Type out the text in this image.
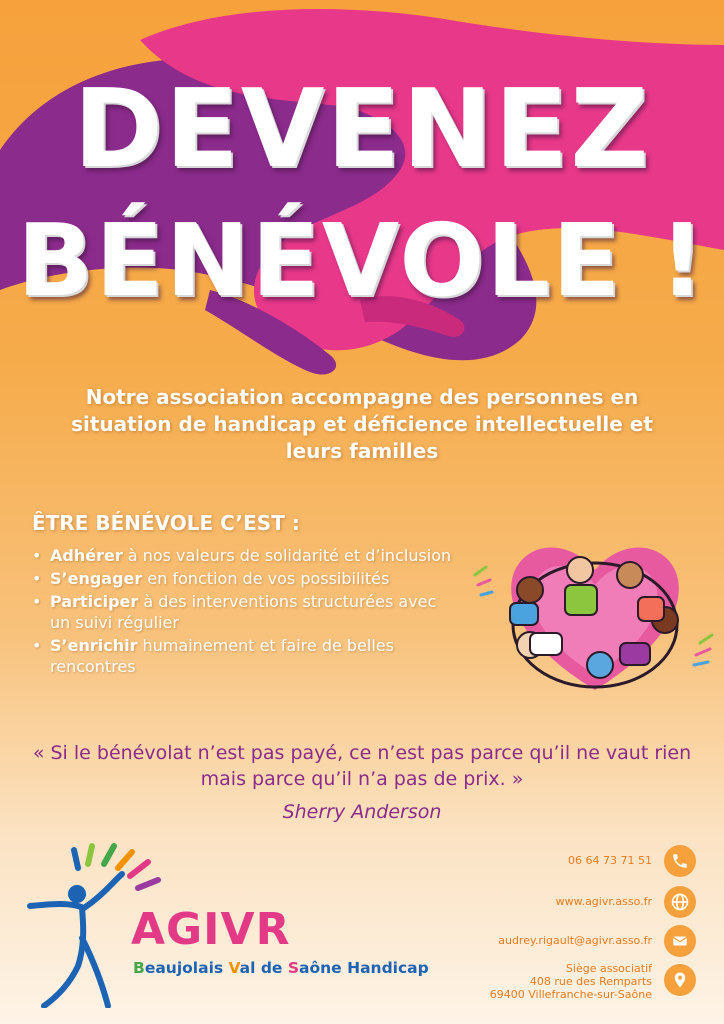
DEVENEZ
BÉNÉVOLE !

Notre association accompagne des personnes en situation de handicap et déficience intellectuelle et leurs familles

ÊTRE BÉNÉVOLE C’EST :

• Adhérer à nos valeurs de solidarité et d’inclusion
• S’engager en fonction de vos possibilités
• Participer à des interventions structurées avec un suivi régulier
• S’enrichir humainement et faire de belles rencontres

« Si le bénévolat n’est pas payé, ce n’est pas parce qu’il ne vaut rien mais parce qu’il n’a pas de prix. »

Sherry Anderson

AGIVR

Beaujolais Val de Saône Handicap

06 64 73 71 51

www.agivr.asso.fr

audrey.rigault@agivr.asso.fr

Siège associatif

408 rue des Remparts

69400 Villefranche-sur-Saône
